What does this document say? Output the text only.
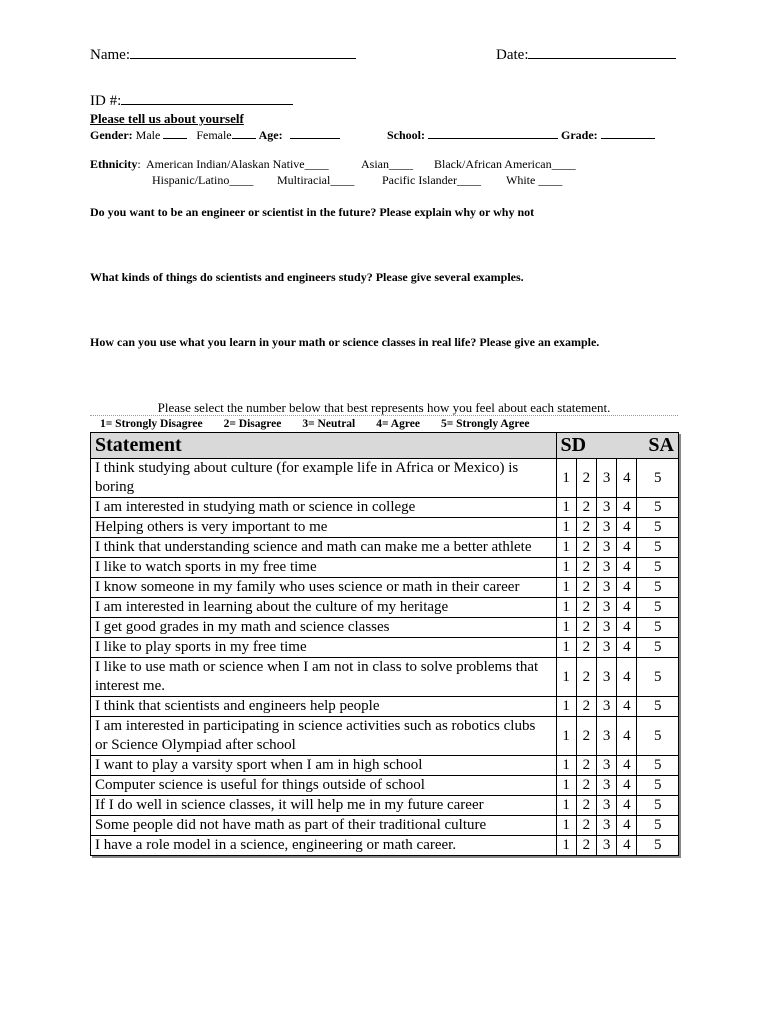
Name:	Date:
ID #:
Please tell us about yourself
Gender: Male	Female Age:	School:	Grade:
Ethnicity: American Indian/Alaskan Native____	Asian____ Black/African American____
Hispanic/Latino____ Multiracial____ Pacific Islander____ White ____
Do you want to be an engineer or scientist in the future? Please explain why or why not
What kinds of things do scientists and engineers study? Please give several examples.
How can you use what you learn in your math or science classes in real life? Please give an example.
Please select the number below that best represents how you feel about each statement.
1= Strongly Disagree 2= Disagree 3= Neutral 4= Agree 5= Strongly Agree
Statement	SD			SA	
I think studying about culture (for example life in Africa or Mexico) is boring	1	2	3	4	5
I am interested in studying math or science in college	1	2	3	4	5
Helping others is very important to me	1	2	3	4	5
I think that understanding science and math can make me a better athlete	1	2	3	4	5
I like to watch sports in my free time	1	2	3	4	5
I know someone in my family who uses science or math in their career	1	2	3	4	5
I am interested in learning about the culture of my heritage	1	2	3	4	5
I get good grades in my math and science classes	1	2	3	4	5
I like to play sports in my free time	1	2	3	4	5
I like to use math or science when I am not in class to solve problems that interest me.	1	2	3	4	5
I think that scientists and engineers help people	1	2	3	4	5
I am interested in participating in science activities such as robotics clubs or Science Olympiad after school	1	2	3	4	5
I want to play a varsity sport when I am in high school	1	2	3	4	5
Computer science is useful for things outside of school	1	2	3	4	5
If I do well in science classes, it will help me in my future career	1	2	3	4	5
Some people did not have math as part of their traditional culture	1	2	3	4	5
I have a role model in a science, engineering or math career.	1	2	3	4	5
